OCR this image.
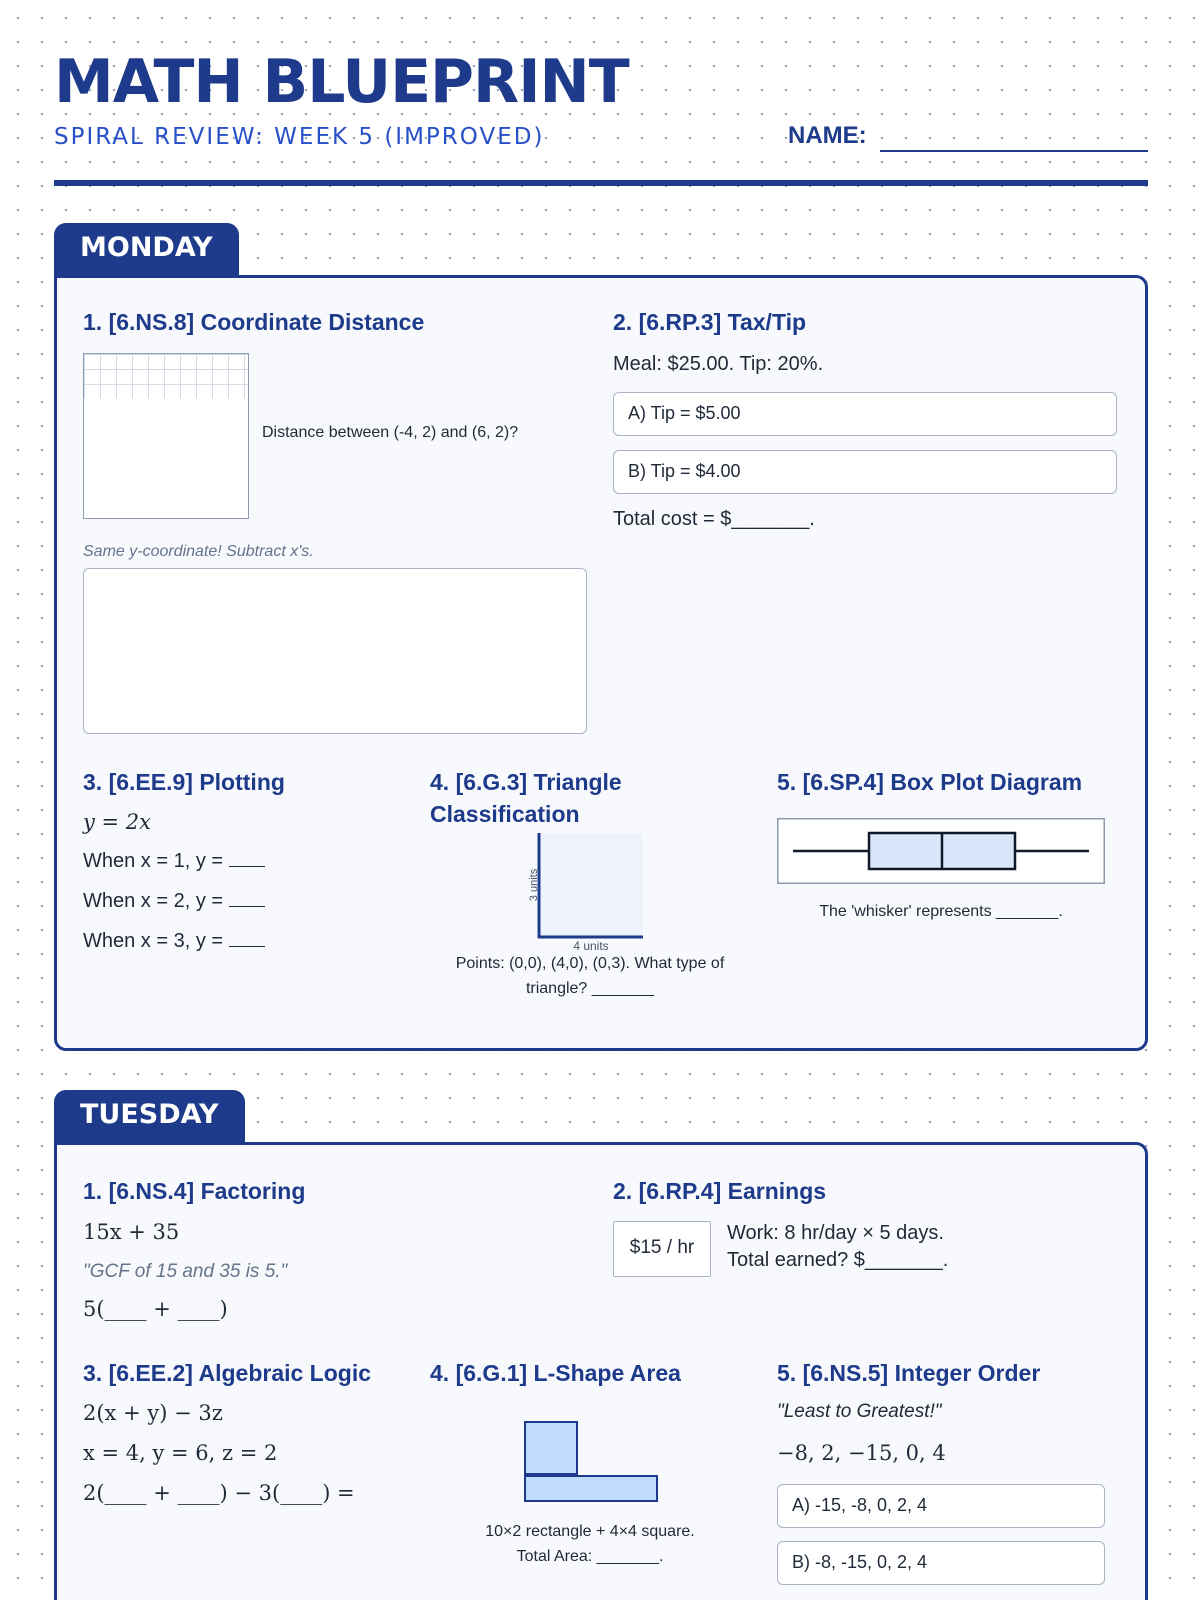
MATH BLUEPRINT
SPIRAL REVIEW: WEEK 5 (IMPROVED)	NAME:
MONDAY
1. [6.NS.8] Coordinate Distance
Distance between (-4, 2) and (6, 2)?
Same y-coordinate! Subtract x's.
2. [6.RP.3] Tax/Tip
Meal: $25.00. Tip: 20%.
A) Tip = $5.00
B) Tip = $4.00
Total cost = $_______.
3. [6.EE.9] Plotting
y = 2x
When x = 1, y =
When x = 2, y =
When x = 3, y =
4. [6.G.3] Triangle Classification
3 units
4 units
Points: (0,0), (4,0), (0,3). What type of triangle? _______
5. [6.SP.4] Box Plot Diagram
The 'whisker' represents _______.
TUESDAY
1. [6.NS.4] Factoring
15x + 35
"GCF of 15 and 35 is 5."
5(____ + ____)
2. [6.RP.4] Earnings
$15 / hr
Work: 8 hr/day × 5 days.
Total earned? $_______.
3. [6.EE.2] Algebraic Logic
2(x + y) − 3z
x = 4, y = 6, z = 2
2(____ + ____) − 3(____) =
4. [6.G.1] L-Shape Area
10×2 rectangle + 4×4 square.
Total Area: _______.
5. [6.NS.5] Integer Order
"Least to Greatest!"
−8, 2, −15, 0, 4
A) -15, -8, 0, 2, 4
B) -8, -15, 0, 2, 4
